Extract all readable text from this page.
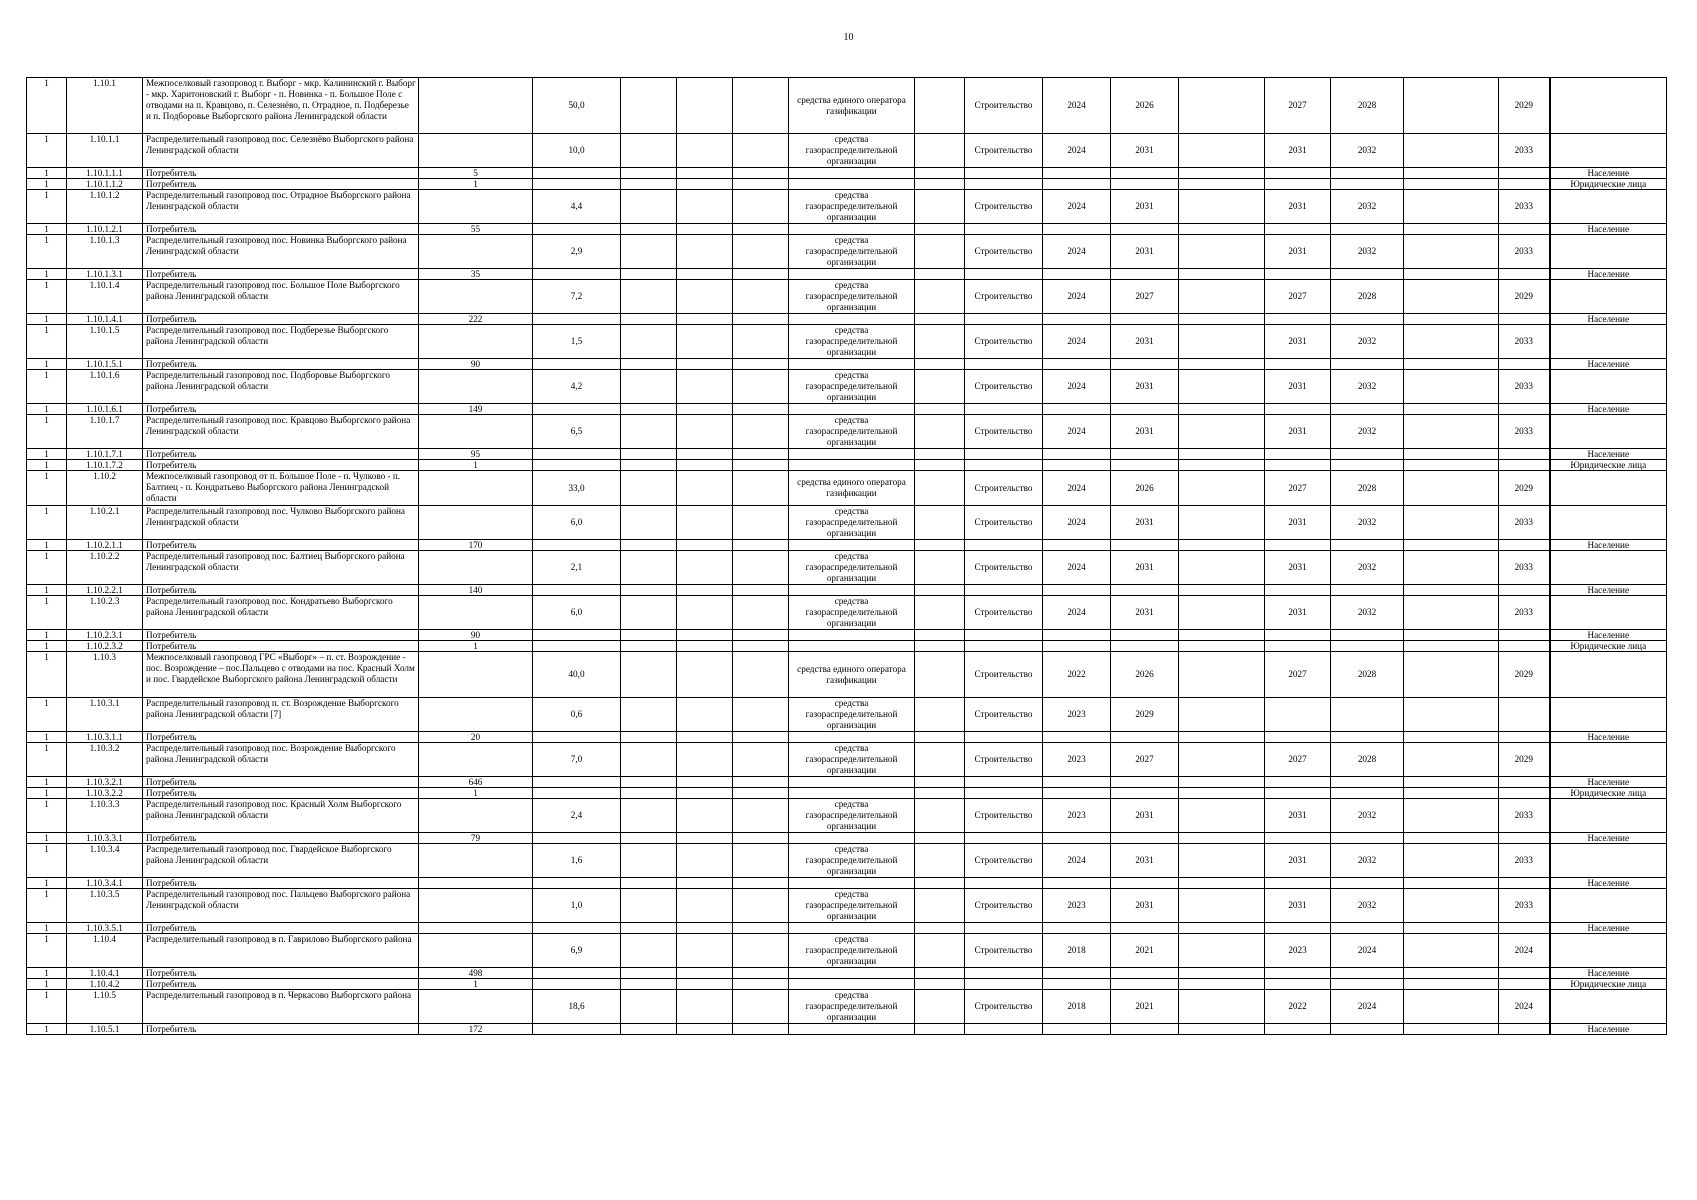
10
1	1.10.1	Межпоселковый газопровод г. Выборг - мкр. Калининский г. Выборг - мкр. Харитоновский г. Выборг - п. Новинка - п. Большое Поле с отводами на п. Кравцово, п. Селезнёво, п. Отрадное, п. Подберезье и п. Подборовье Выборгского района Ленинградской области		50,0				средства единого оператора газификации		Строительство	2024	2026		2027	2028		2029	
1	1.10.1.1	Распределительный газопровод пос. Селезнёво Выборгского района Ленинградской области		10,0				средства газораспределительной организации		Строительство	2024	2031		2031	2032		2033	
1	1.10.1.1.1	Потребитель	5															Население
1	1.10.1.1.2	Потребитель	1															Юридические лица
1	1.10.1.2	Распределительный газопровод пос. Отрадное Выборгского района Ленинградской области		4,4				средства газораспределительной организации		Строительство	2024	2031		2031	2032		2033	
1	1.10.1.2.1	Потребитель	55															Население
1	1.10.1.3	Распределительный газопровод пос. Новинка Выборгского района Ленинградской области		2,9				средства газораспределительной организации		Строительство	2024	2031		2031	2032		2033	
1	1.10.1.3.1	Потребитель	35															Население
1	1.10.1.4	Распределительный газопровод пос. Большое Поле Выборгского района Ленинградской области		7,2				средства газораспределительной организации		Строительство	2024	2027		2027	2028		2029	
1	1.10.1.4.1	Потребитель	222															Население
1	1.10.1.5	Распределительный газопровод пос. Подберезье Выборгского района Ленинградской области		1,5				средства газораспределительной организации		Строительство	2024	2031		2031	2032		2033	
1	1.10.1.5.1	Потребитель	90															Население
1	1.10.1.6	Распределительный газопровод пос. Подборовье Выборгского района Ленинградской области		4,2				средства газораспределительной организации		Строительство	2024	2031		2031	2032		2033	
1	1.10.1.6.1	Потребитель	149															Население
1	1.10.1.7	Распределительный газопровод пос. Кравцово Выборгского района Ленинградской области		6,5				средства газораспределительной организации		Строительство	2024	2031		2031	2032		2033	
1	1.10.1.7.1	Потребитель	95															Население
1	1.10.1.7.2	Потребитель	1															Юридические лица
1	1.10.2	Межпоселковый газопровод от п. Большое Поле - п. Чулково - п. Балтиец - п. Кондратьево Выборгского района Ленинградской области		33,0				средства единого оператора газификации		Строительство	2024	2026		2027	2028		2029	
1	1.10.2.1	Распределительный газопровод пос. Чулково Выборгского района Ленинградской области		6,0				средства газораспределительной организации		Строительство	2024	2031		2031	2032		2033	
1	1.10.2.1.1	Потребитель	170															Население
1	1.10.2.2	Распределительный газопровод пос. Балтиец Выборгского района Ленинградской области		2,1				средства газораспределительной организации		Строительство	2024	2031		2031	2032		2033	
1	1.10.2.2.1	Потребитель	140															Население
1	1.10.2.3	Распределительный газопровод пос. Кондратьево Выборгского района Ленинградской области		6,0				средства газораспределительной организации		Строительство	2024	2031		2031	2032		2033	
1	1.10.2.3.1	Потребитель	90															Население
1	1.10.2.3.2	Потребитель	1															Юридические лица
1	1.10.3	Межпоселковый газопровод ГРС «Выборг» – п. ст. Возрождение - пос. Возрождение – пос.Пальцево с отводами на пос. Красный Холм и пос. Гвардейское Выборгского района Ленинградской области		40,0				средства единого оператора газификации		Строительство	2022	2026		2027	2028		2029	
1	1.10.3.1	Распределительный газопровод п. ст. Возрождение Выборгского района Ленинградской области [7]		0,6				средства газораспределительной организации		Строительство	2023	2029						
1	1.10.3.1.1	Потребитель	20															Население
1	1.10.3.2	Распределительный газопровод пос. Возрождение Выборгского района Ленинградской области		7,0				средства газораспределительной организации		Строительство	2023	2027		2027	2028		2029	
1	1.10.3.2.1	Потребитель	646															Население
1	1.10.3.2.2	Потребитель	1															Юридические лица
1	1.10.3.3	Распределительный газопровод пос. Красный Холм Выборгского района Ленинградской области		2,4				средства газораспределительной организации		Строительство	2023	2031		2031	2032		2033	
1	1.10.3.3.1	Потребитель	79															Население
1	1.10.3.4	Распределительный газопровод пос. Гвардейское Выборгского района Ленинградской области		1,6				средства газораспределительной организации		Строительство	2024	2031		2031	2032		2033	
1	1.10.3.4.1	Потребитель																Население
1	1.10.3.5	Распределительный газопровод пос. Пальцево Выборгского района Ленинградской области		1,0				средства газораспределительной организации		Строительство	2023	2031		2031	2032		2033	
1	1.10.3.5.1	Потребитель																Население
1	1.10.4	Распределительный газопровод в п. Гаврилово Выборгского района		6,9				средства газораспределительной организации		Строительство	2018	2021		2023	2024		2024	
1	1.10.4.1	Потребитель	498															Население
1	1.10.4.2	Потребитель	1															Юридические лица
1	1.10.5	Распределительный газопровод в п. Черкасово Выборгского района		18,6				средства газораспределительной организации		Строительство	2018	2021		2022	2024		2024	
1	1.10.5.1	Потребитель	172															Население
